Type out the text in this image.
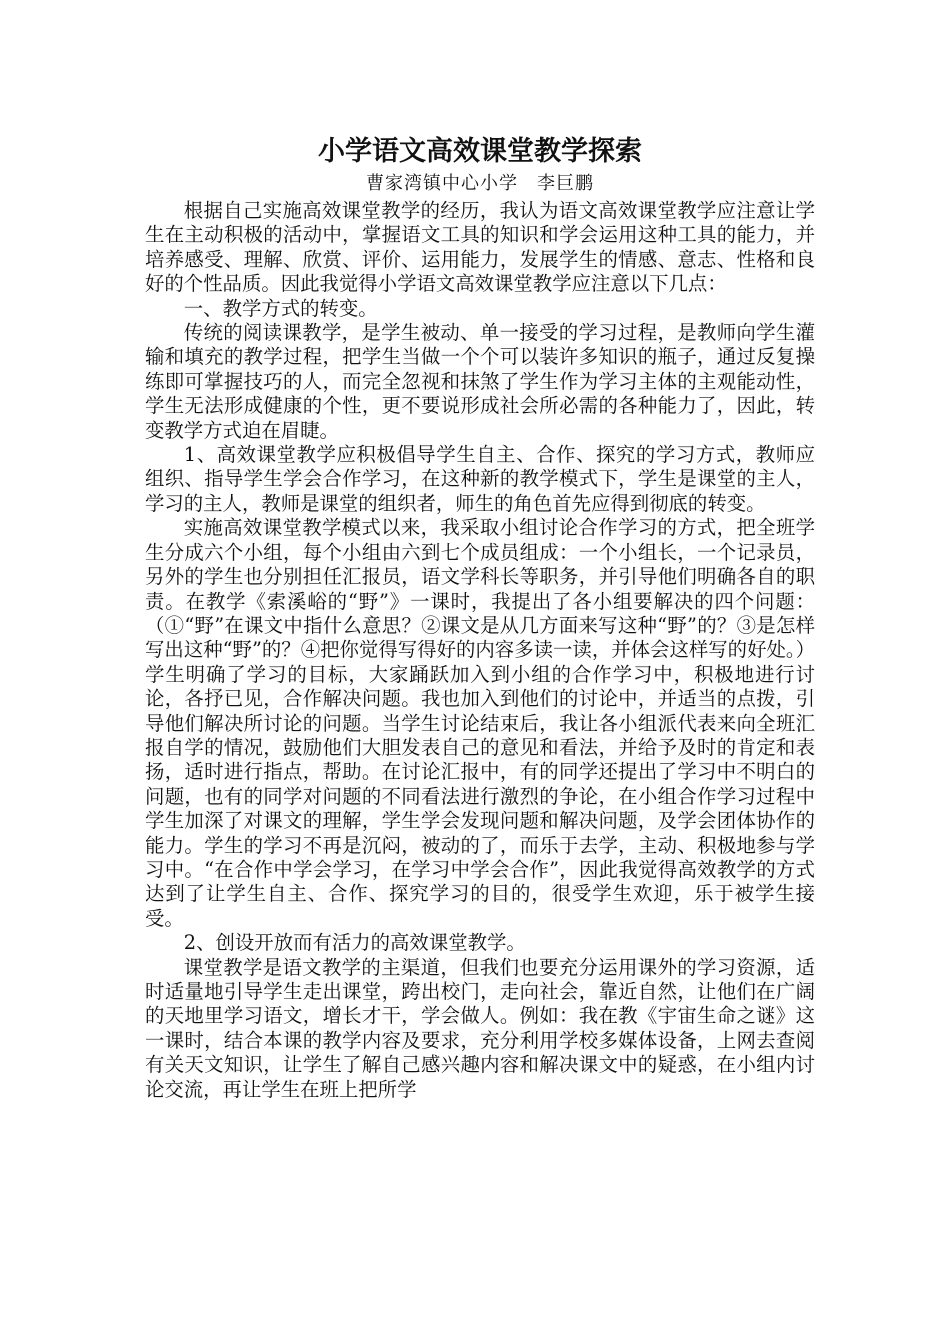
小学语文高效课堂教学探索
曹家湾镇中心小学　李巨鹏

根据自己实施高效课堂教学的经历，我认为语文高效课堂教学应注意让学生在主动积极的活动中，掌握语文工具的知识和学会运用这种工具的能力，并培养感受、理解、欣赏、评价、运用能力，发展学生的情感、意志、性格和良好的个性品质。因此我觉得小学语文高效课堂教学应注意以下几点：

一、教学方式的转变。

传统的阅读课教学，是学生被动、单一接受的学习过程，是教师向学生灌输和填充的教学过程，把学生当做一个个可以装许多知识的瓶子，通过反复操练即可掌握技巧的人，而完全忽视和抹煞了学生作为学习主体的主观能动性，学生无法形成健康的个性，更不要说形成社会所必需的各种能力了，因此，转变教学方式迫在眉睫。

1、高效课堂教学应积极倡导学生自主、合作、探究的学习方式，教师应组织、指导学生学会合作学习，在这种新的教学模式下，学生是课堂的主人，学习的主人，教师是课堂的组织者，师生的角色首先应得到彻底的转变。

实施高效课堂教学模式以来，我采取小组讨论合作学习的方式，把全班学生分成六个小组，每个小组由六到七个成员组成：一个小组长，一个记录员，另外的学生也分别担任汇报员，语文学科长等职务，并引导他们明确各自的职责。在教学《索溪峪的“野”》一课时，我提出了各小组要解决的四个问题：（①“野”在课文中指什么意思？②课文是从几方面来写这种“野”的？③是怎样写出这种“野”的？④把你觉得写得好的内容多读一读，并体会这样写的好处。）学生明确了学习的目标，大家踊跃加入到小组的合作学习中，积极地进行讨论，各抒已见，合作解决问题。我也加入到他们的讨论中，并适当的点拨，引导他们解决所讨论的问题。当学生讨论结束后，我让各小组派代表来向全班汇报自学的情况，鼓励他们大胆发表自己的意见和看法，并给予及时的肯定和表扬，适时进行指点，帮助。在讨论汇报中，有的同学还提出了学习中不明白的问题，也有的同学对问题的不同看法进行激烈的争论，在小组合作学习过程中学生加深了对课文的理解，学生学会发现问题和解决问题，及学会团体协作的能力。学生的学习不再是沉闷，被动的了，而乐于去学，主动、积极地参与学习中。“在合作中学会学习，在学习中学会合作”，因此我觉得高效教学的方式达到了让学生自主、合作、探究学习的目的，很受学生欢迎，乐于被学生接受。

2、创设开放而有活力的高效课堂教学。

课堂教学是语文教学的主渠道，但我们也要充分运用课外的学习资源，适时适量地引导学生走出课堂，跨出校门，走向社会，靠近自然，让他们在广阔的天地里学习语文，增长才干，学会做人。例如：我在教《宇宙生命之谜》这一课时，结合本课的教学内容及要求，充分利用学校多媒体设备，上网去查阅有关天文知识，让学生了解自己感兴趣内容和解决课文中的疑惑，在小组内讨论交流，再让学生在班上把所学
